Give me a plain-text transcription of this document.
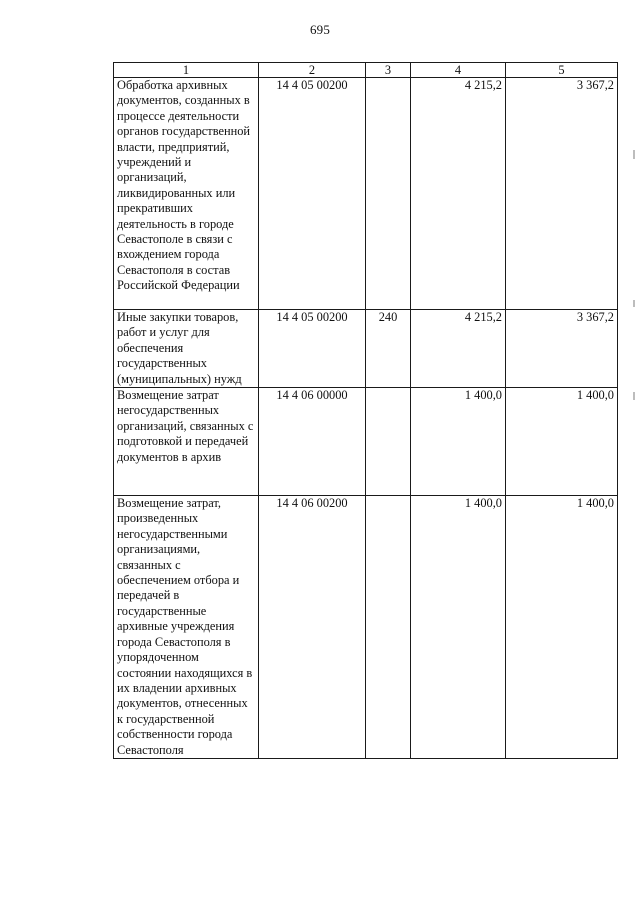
695
1	2	3	4	5
Обработка архивных документов, созданных в процессе деятельности органов государственной власти, предприятий, учреждений и организаций, ликвидированных или прекративших деятельность в городе Севастополе в связи с вхождением города Севастополя в состав Российской Федерации	14 4 05 00200		4 215,2	3 367,2
Иные закупки товаров, работ и услуг для обеспечения государственных (муниципальных) нужд	14 4 05 00200	240	4 215,2	3 367,2
Возмещение затрат негосударственных организаций, связанных с подготовкой и передачей документов в архив	14 4 06 00000		1 400,0	1 400,0
Возмещение затрат, произведенных негосударственными организациями, связанных с обеспечением отбора и передачей в государственные архивные учреждения города Севастополя в упорядоченном состоянии находящихся в их владении архивных документов, отнесенных к государственной собственности города Севастополя	14 4 06 00200		1 400,0	1 400,0
